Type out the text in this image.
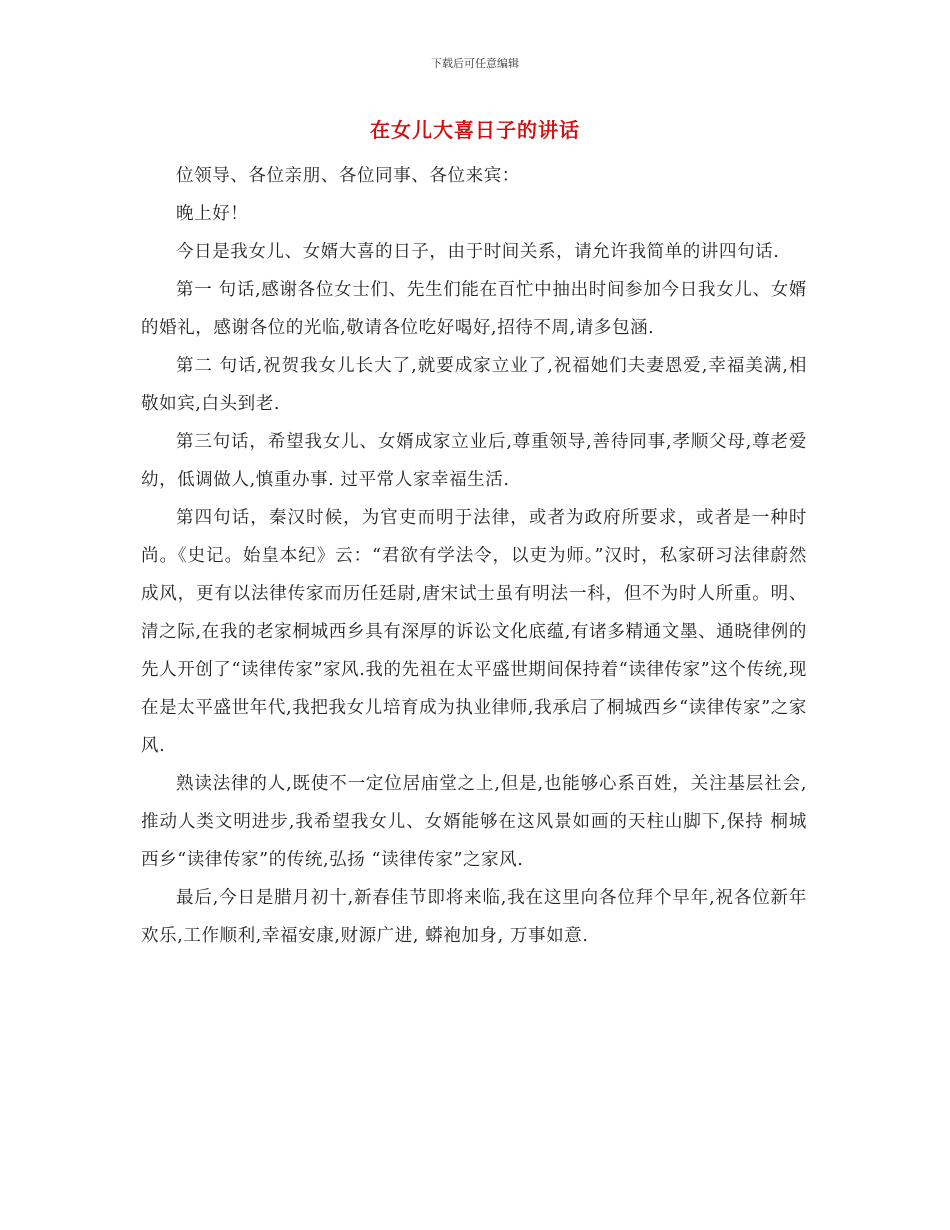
下载后可任意编辑
在女儿大喜日子的讲话

位领导、各位亲朋、各位同事、各位来宾：

晚上好！

今日是我女儿、女婿大喜的日子，由于时间关系，请允许我简单的讲四句话.

第一 句话,感谢各位女士们、先生们能在百忙中抽出时间参加今日我女儿、女婿的婚礼，感谢各位的光临,敬请各位吃好喝好,招待不周,请多包涵.

第二 句话,祝贺我女儿长大了,就要成家立业了,祝福她们夫妻恩爱,幸福美满,相敬如宾,白头到老.

第三句话，希望我女儿、女婿成家立业后,尊重领导,善待同事,孝顺父母,尊老爱幼，低调做人,慎重办事. 过平常人家幸福生活.

第四句话，秦汉时候，为官吏而明于法律，或者为政府所要求，或者是一种时尚。《史记。始皇本纪》云：“君欲有学法令，以吏为师。”汉时，私家研习法律蔚然成风，更有以法律传家而历任廷尉,唐宋试士虽有明法一科，但不为时人所重。明、清之际,在我的老家桐城西乡具有深厚的诉讼文化底蕴,有诸多精通文墨、通晓律例的先人开创了“读律传家”家风.我的先祖在太平盛世期间保持着“读律传家”这个传统,现在是太平盛世年代,我把我女儿培育成为执业律师,我承启了桐城西乡“读律传家”之家风.

熟读法律的人,既使不一定位居庙堂之上,但是,也能够心系百姓，关注基层社会,推动人类文明进步,我希望我女儿、女婿能够在这风景如画的天柱山脚下,保持 桐城西乡“读律传家”的传统,弘扬 “读律传家”之家风.

最后,今日是腊月初十,新春佳节即将来临,我在这里向各位拜个早年,祝各位新年欢乐,工作顺利,幸福安康,财源广进, 蟒袍加身, 万事如意.
